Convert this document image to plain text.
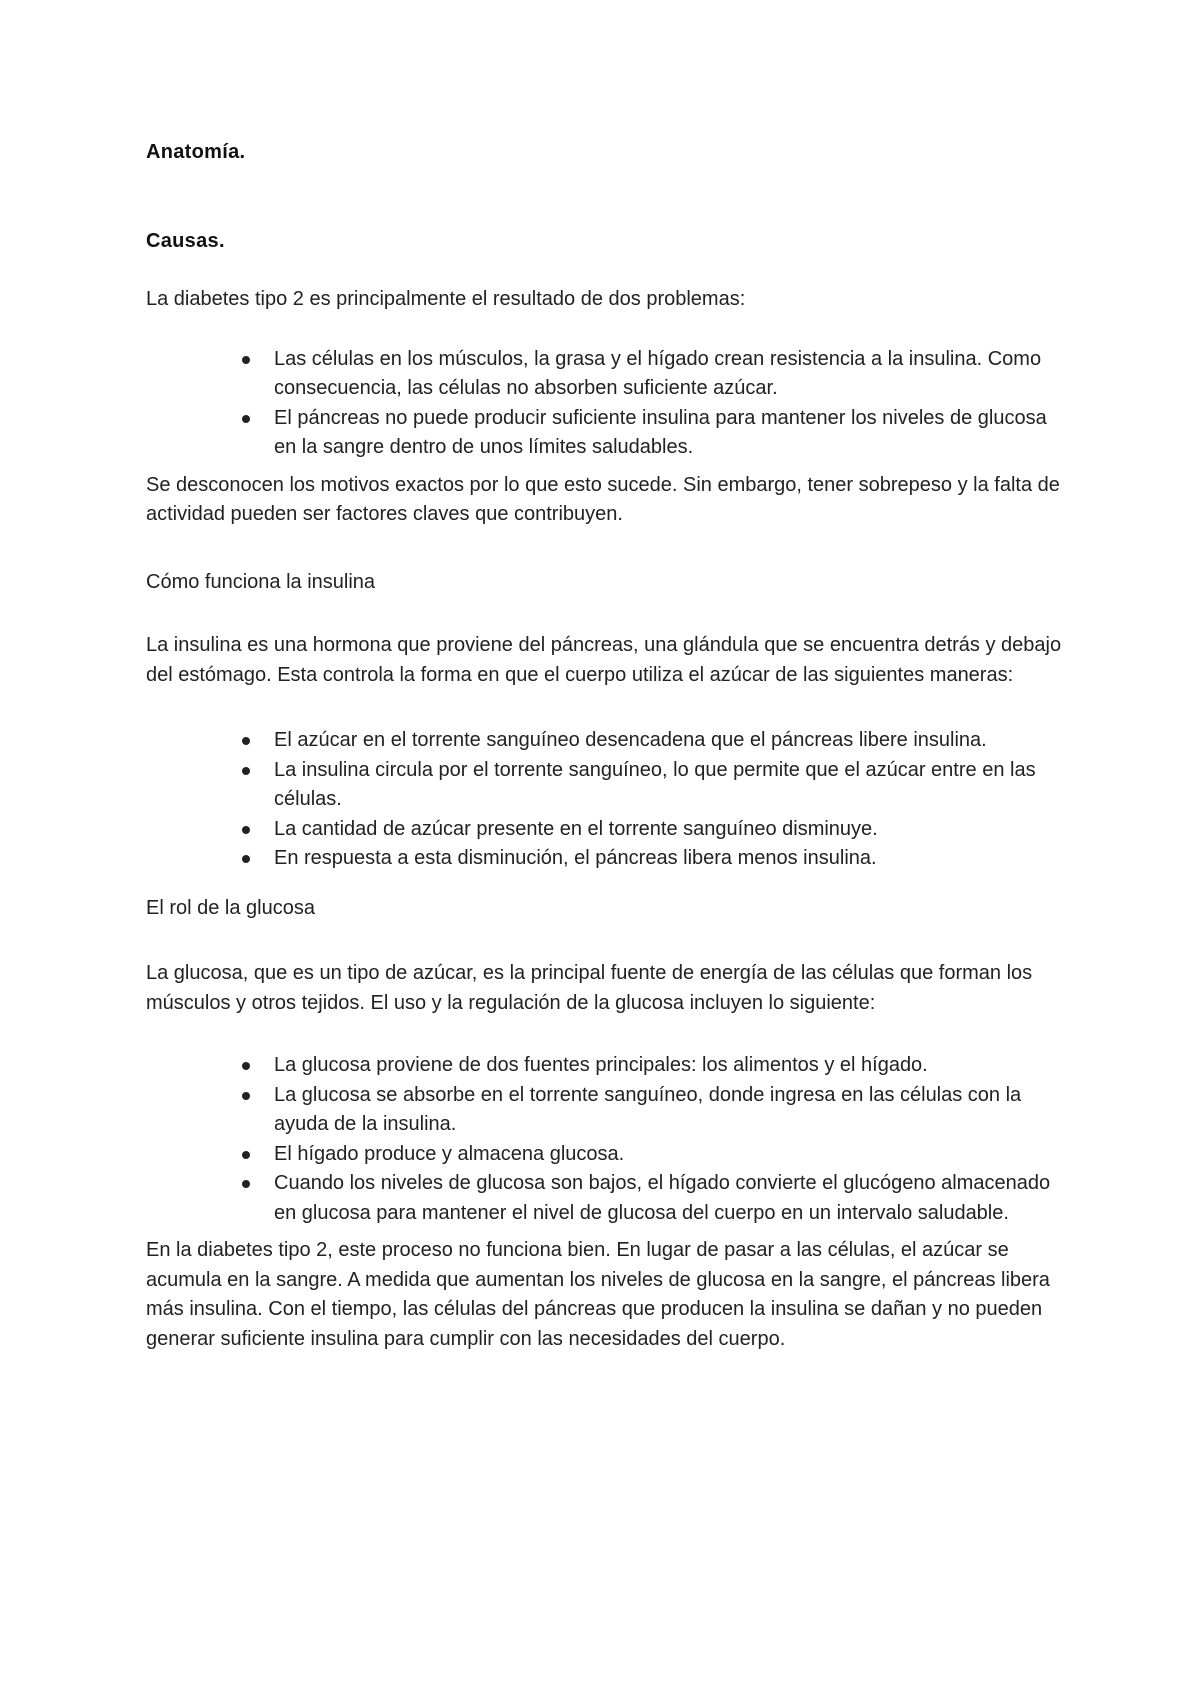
Anatomía.
Causas.

La diabetes tipo 2 es principalmente el resultado de dos problemas:

Las células en los músculos, la grasa y el hígado crean resistencia a la insulina. Como consecuencia, las células no absorben suficiente azúcar.
El páncreas no puede producir suficiente insulina para mantener los niveles de glucosa en la sangre dentro de unos límites saludables.

Se desconocen los motivos exactos por lo que esto sucede. Sin embargo, tener sobrepeso y la falta de actividad pueden ser factores claves que contribuyen.

Cómo funciona la insulina

La insulina es una hormona que proviene del páncreas, una glándula que se encuentra detrás y debajo del estómago. Esta controla la forma en que el cuerpo utiliza el azúcar de las siguientes maneras:

El azúcar en el torrente sanguíneo desencadena que el páncreas libere insulina.
La insulina circula por el torrente sanguíneo, lo que permite que el azúcar entre en las células.
La cantidad de azúcar presente en el torrente sanguíneo disminuye.
En respuesta a esta disminución, el páncreas libera menos insulina.

El rol de la glucosa

La glucosa, que es un tipo de azúcar, es la principal fuente de energía de las células que forman los músculos y otros tejidos. El uso y la regulación de la glucosa incluyen lo siguiente:

La glucosa proviene de dos fuentes principales: los alimentos y el hígado.
La glucosa se absorbe en el torrente sanguíneo, donde ingresa en las células con la ayuda de la insulina.
El hígado produce y almacena glucosa.
Cuando los niveles de glucosa son bajos, el hígado convierte el glucógeno almacenado en glucosa para mantener el nivel de glucosa del cuerpo en un intervalo saludable.

En la diabetes tipo 2, este proceso no funciona bien. En lugar de pasar a las células, el azúcar se acumula en la sangre. A medida que aumentan los niveles de glucosa en la sangre, el páncreas libera más insulina. Con el tiempo, las células del páncreas que producen la insulina se dañan y no pueden generar suficiente insulina para cumplir con las necesidades del cuerpo.
